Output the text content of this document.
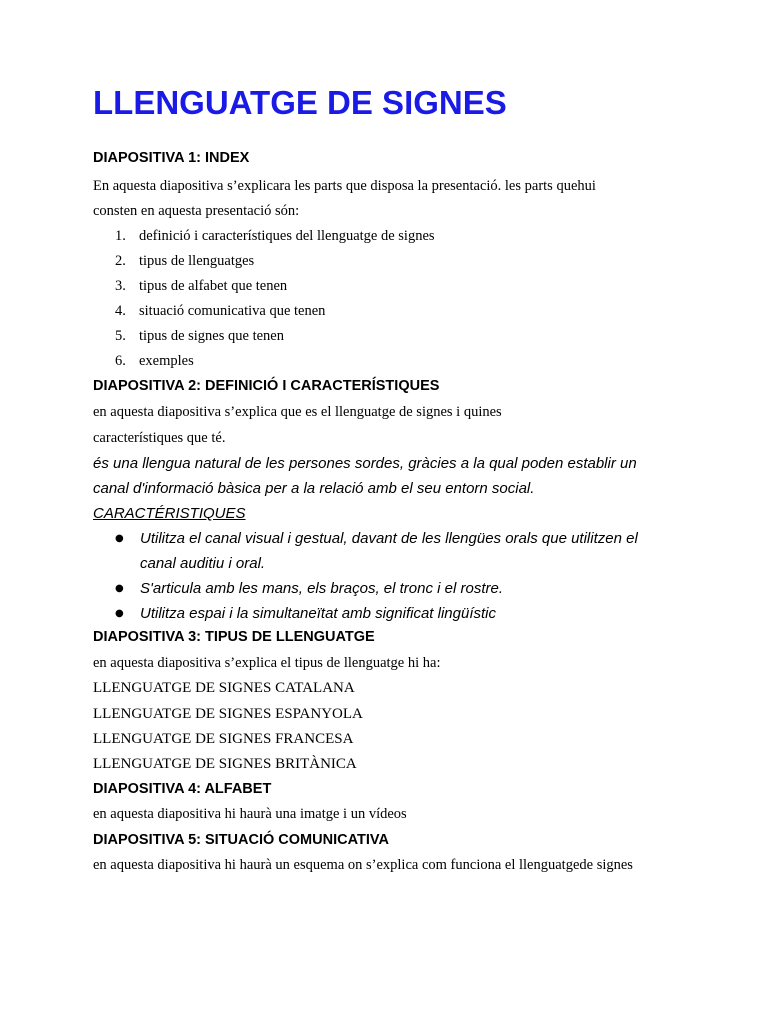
LLENGUATGE DE SIGNES
DIAPOSITIVA 1: INDEX
En aquesta diapositiva s’explicara les parts que disposa la presentació. les parts quehui
consten en aquesta presentació són:
1. definició i característiques del llenguatge de signes
2. tipus de llenguatges
3. tipus de alfabet que tenen
4. situació comunicativa que tenen
5. tipus de signes que tenen
6. exemples
DIAPOSITIVA 2: DEFINICIÓ I CARACTERÍSTIQUES
en aquesta diapositiva s’explica que es el llenguatge de signes i quines
característiques que té.
és una llengua natural de les persones sordes, gràcies a la qual poden establir un
canal d'informació bàsica per a la relació amb el seu entorn social.
CARACTÉRISTIQUES
● Utilitza el canal visual i gestual, davant de les llengües orals que utilitzen el
canal auditiu i oral.
● S'articula amb les mans, els braços, el tronc i el rostre.
● Utilitza espai i la simultaneïtat amb significat lingüístic
DIAPOSITIVA 3: TIPUS DE LLENGUATGE
en aquesta diapositiva s’explica el tipus de llenguatge hi ha:
LLENGUATGE DE SIGNES CATALANA
LLENGUATGE DE SIGNES ESPANYOLA
LLENGUATGE DE SIGNES FRANCESA
LLENGUATGE DE SIGNES BRITÀNICA
DIAPOSITIVA 4: ALFABET
en aquesta diapositiva hi haurà una imatge i un vídeos
DIAPOSITIVA 5: SITUACIÓ COMUNICATIVA
en aquesta diapositiva hi haurà un esquema on s’explica com funciona el llenguatgede signes
